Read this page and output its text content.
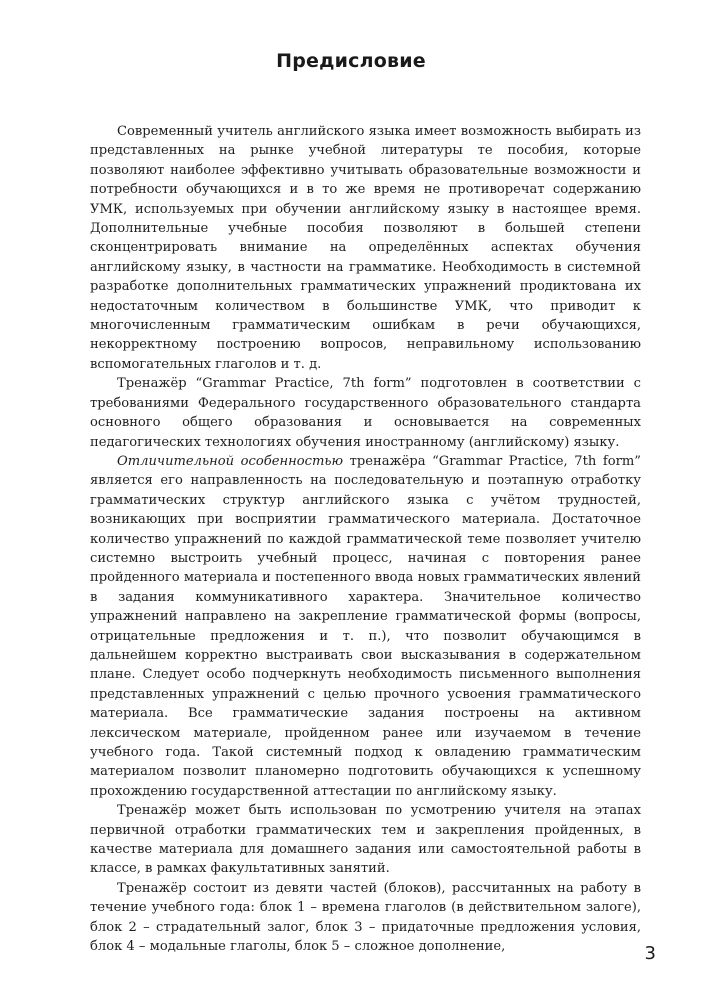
Предисловие

Современный учитель английского языка имеет возможность выбирать из представленных на рынке учебной литературы те пособия, которые позволяют наиболее эффективно учитывать образовательные возможности и потребности обучающихся и в то же время не противоречат содержанию УМК, используемых при обучении английскому языку в настоящее время. Дополнительные учебные пособия позволяют в большей степени сконцентрировать внимание на определённых аспектах обучения английскому языку, в частности на грамматике. Необходимость в системной разработке дополнительных грамматических упражнений продиктована их недостаточным количеством в большинстве УМК, что приводит к многочисленным грамматическим ошибкам в речи обучающихся, некорректному построению вопросов, неправильному использованию вспомогательных глаголов и т. д.

Тренажёр “Grammar Practice, 7th form” подготовлен в соответствии с требованиями Федерального государственного образовательного стандарта основного общего образования и основывается на современных педагогических технологиях обучения иностранному (английскому) языку.

Отличительной особенностью тренажёра “Grammar Practice, 7th form” является его направленность на последовательную и поэтапную отработку грамматических структур английского языка с учётом трудностей, возникающих при восприятии грамматического материала. Достаточное количество упражнений по каждой грамматической теме позволяет учителю системно выстроить учебный процесс, начиная с повторения ранее пройденного материала и постепенного ввода новых грамматических явлений в задания коммуникативного характера. Значительное количество упражнений направлено на закрепление грамматической формы (вопросы, отрицательные предложения и т. п.), что позволит обучающимся в дальнейшем корректно выстраивать свои высказывания в содержательном плане. Следует особо подчеркнуть необходимость письменного выполнения представленных упражнений с целью прочного усвоения грамматического материала. Все грамматические задания построены на активном лексическом материале, пройденном ранее или изучаемом в течение учебного года. Такой системный подход к овладению грамматическим материалом позволит планомерно подготовить обучающихся к успешному прохождению государственной аттестации по английскому языку.

Тренажёр может быть использован по усмотрению учителя на этапах первичной отработки грамматических тем и закрепления пройденных, в качестве материала для домашнего задания или самостоятельной работы в классе, в рамках факультативных занятий.

Тренажёр состоит из девяти частей (блоков), рассчитанных на работу в течение учебного года: блок 1 – времена глаголов (в действительном залоге), блок 2 – страдательный залог, блок 3 – придаточные предложения условия, блок 4 – модальные глаголы, блок 5 – сложное дополнение,	3
